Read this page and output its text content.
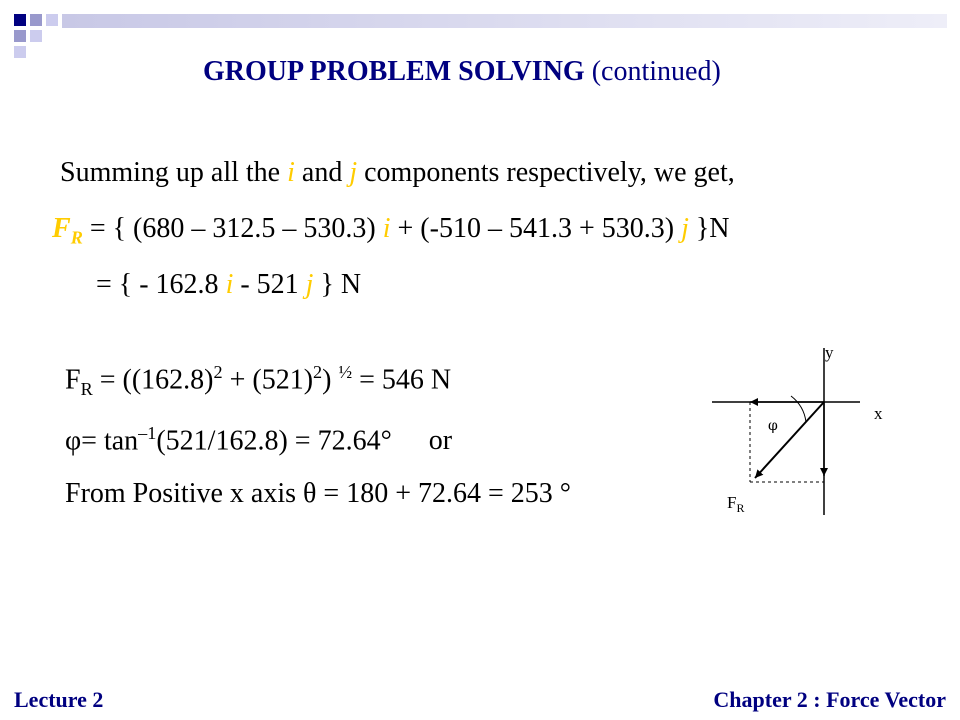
GROUP PROBLEM SOLVING (continued)
Summing up all the i and j components respectively, we get,
$F_R$ = { (680 – 312.5 – 530.3) i + (-510 – 541.3 + 530.3) j }N
= { - 162.8 i - 521 j } N
$F_R = ((162.8)^2 + (521)^2) ^{\frac{1}{2}} = 546$ N
$\varphi= \tan^{-1}(521/162.8) = 72.64^\circ$ or
From Positive x axis θ = 180 + 72.64 = 253 °
y
x
φ
$F_R$
Lecture 2	Chapter 2 : Force Vector
